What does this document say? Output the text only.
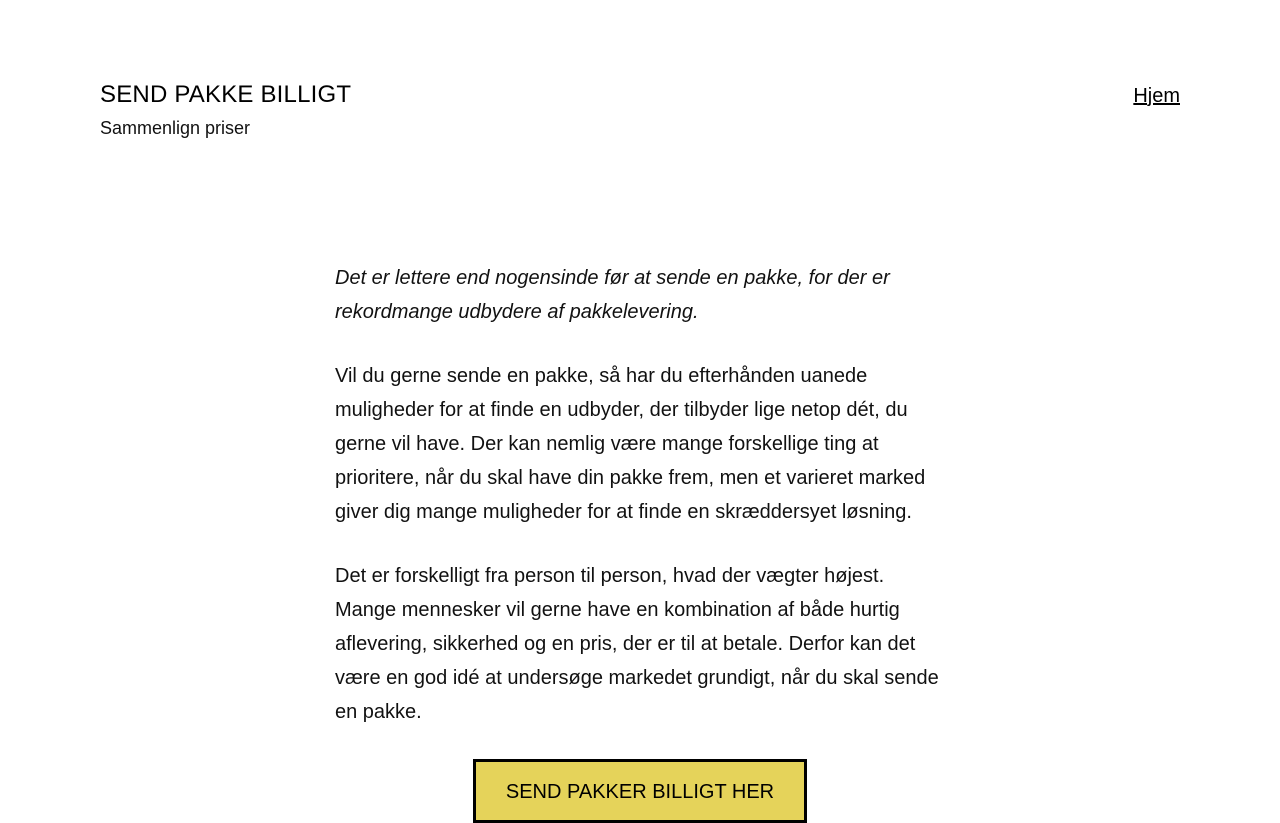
SEND PAKKE BILLIGT
Sammenlign priser
Hjem

Det er lettere end nogensinde før at sende en pakke, for der er rekordmange udbydere af pakkelevering.

Vil du gerne sende en pakke, så har du efterhånden uanede muligheder for at finde en udbyder, der tilbyder lige netop dét, du gerne vil have. Der kan nemlig være mange forskellige ting at prioritere, når du skal have din pakke frem, men et varieret marked giver dig mange muligheder for at finde en skræddersyet løsning.

Det er forskelligt fra person til person, hvad der vægter højest. Mange mennesker vil gerne have en kombination af både hurtig aflevering, sikkerhed og en pris, der er til at betale. Derfor kan det være en god idé at undersøge markedet grundigt, når du skal sende en pakke.

SEND PAKKER BILLIGT HER
